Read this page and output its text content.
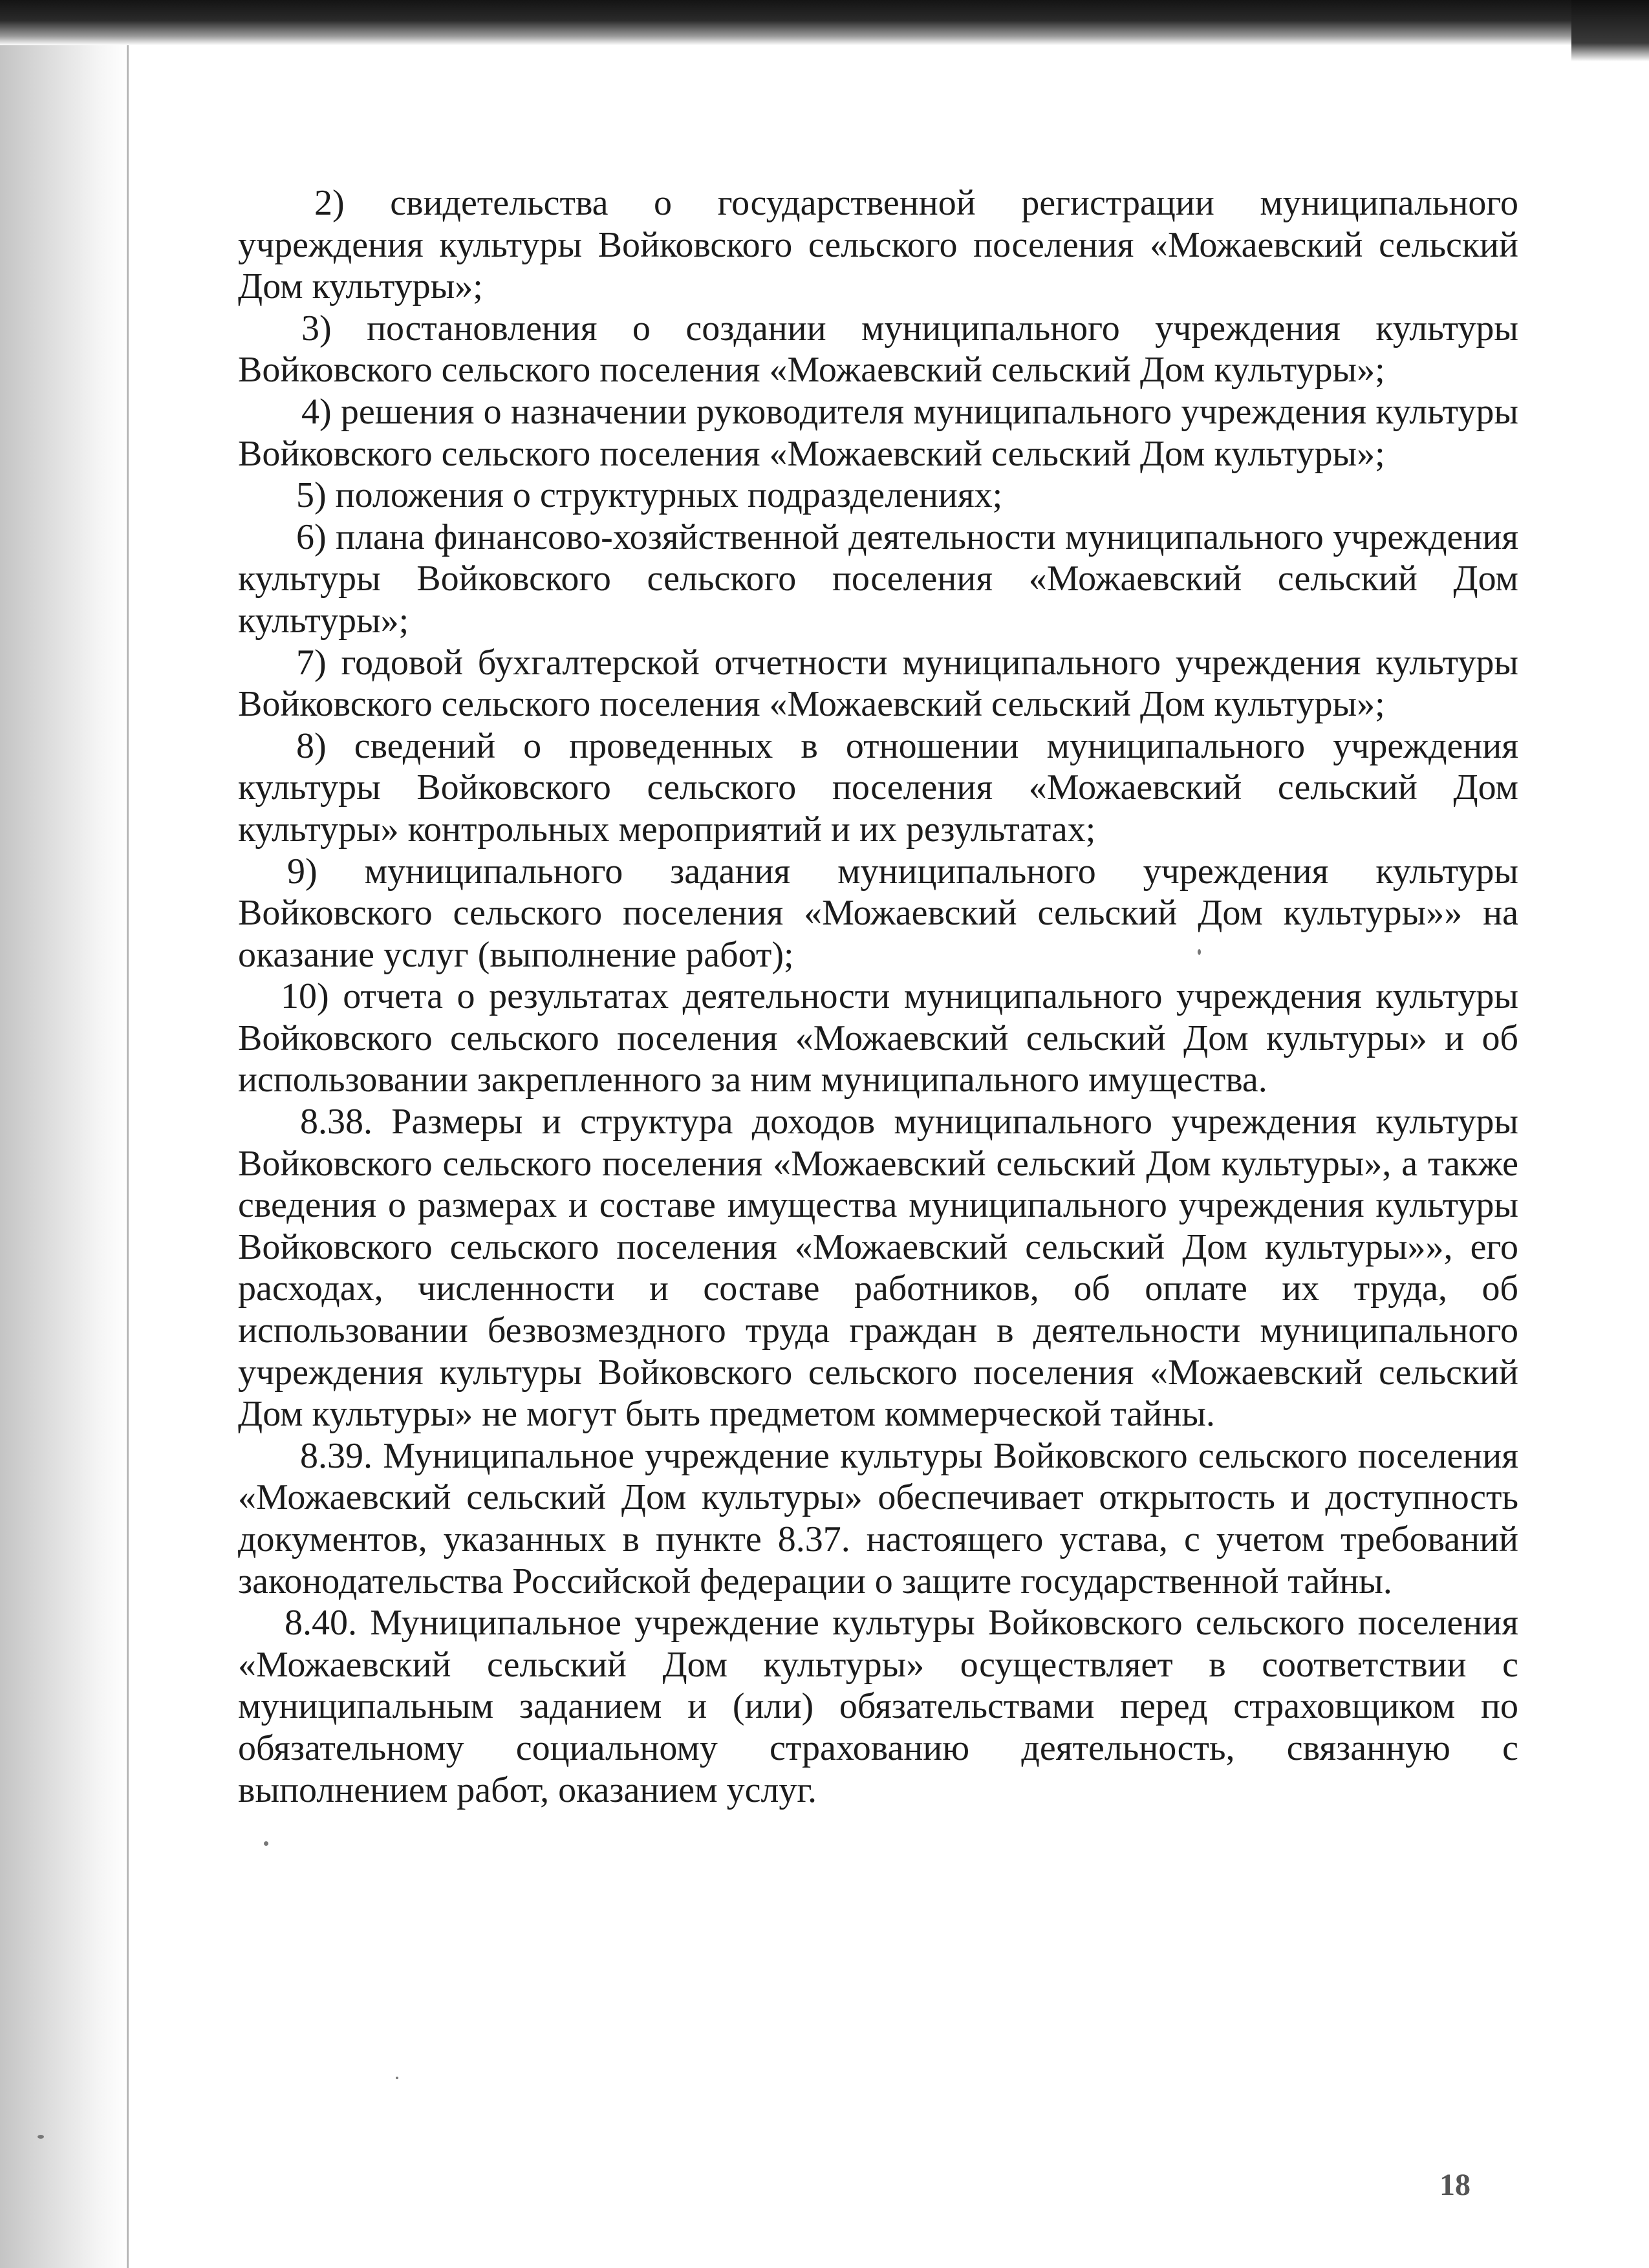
2) свидетельства о государственной регистрации муниципального учреждения культуры Войковского сельского поселения «Можаевский сельский Дом культуры»;

3) постановления о создании муниципального учреждения культуры Войковского сельского поселения «Можаевский сельский Дом культуры»;

4) решения о назначении руководителя муниципального учреждения культуры Войковского сельского поселения «Можаевский сельский Дом культуры»;

5) положения о структурных подразделениях;

6) плана финансово-хозяйственной деятельности муниципального учреждения культуры Войковского сельского поселения «Можаевский сельский Дом культуры»;

7) годовой бухгалтерской отчетности муниципального учреждения культуры Войковского сельского поселения «Можаевский сельский Дом культуры»;

8) сведений о проведенных в отношении муниципального учреждения культуры Войковского сельского поселения «Можаевский сельский Дом культуры» контрольных мероприятий и их результатах;

9) муниципального задания муниципального учреждения культуры Войковского сельского поселения «Можаевский сельский Дом культуры»» на оказание услуг (выполнение работ);

10) отчета о результатах деятельности муниципального учреждения культуры Войковского сельского поселения «Можаевский сельский Дом культуры» и об использовании закрепленного за ним муниципального имущества.

8.38. Размеры и структура доходов муниципального учреждения культуры Войковского сельского поселения «Можаевский сельский Дом культуры», а также сведения о размерах и составе имущества муниципального учреждения культуры Войковского сельского поселения «Можаевский сельский Дом культуры»», его расходах, численности и составе работников, об оплате их труда, об использовании безвозмездного труда граждан в деятельности муниципального учреждения культуры Войковского сельского поселения «Можаевский сельский Дом культуры» не могут быть предметом коммерческой тайны.

8.39. Муниципальное учреждение культуры Войковского сельского поселения «Можаевский сельский Дом культуры» обеспечивает открытость и доступность документов, указанных в пункте 8.37. настоящего устава, с учетом требований законодательства Российской федерации о защите государственной тайны.

8.40. Муниципальное учреждение культуры Войковского сельского поселения «Можаевский сельский Дом культуры» осуществляет в соответствии с муниципальным заданием и (или) обязательствами перед страховщиком по обязательному социальному страхованию деятельность, связанную с выполнением работ, оказанием услуг.

18
